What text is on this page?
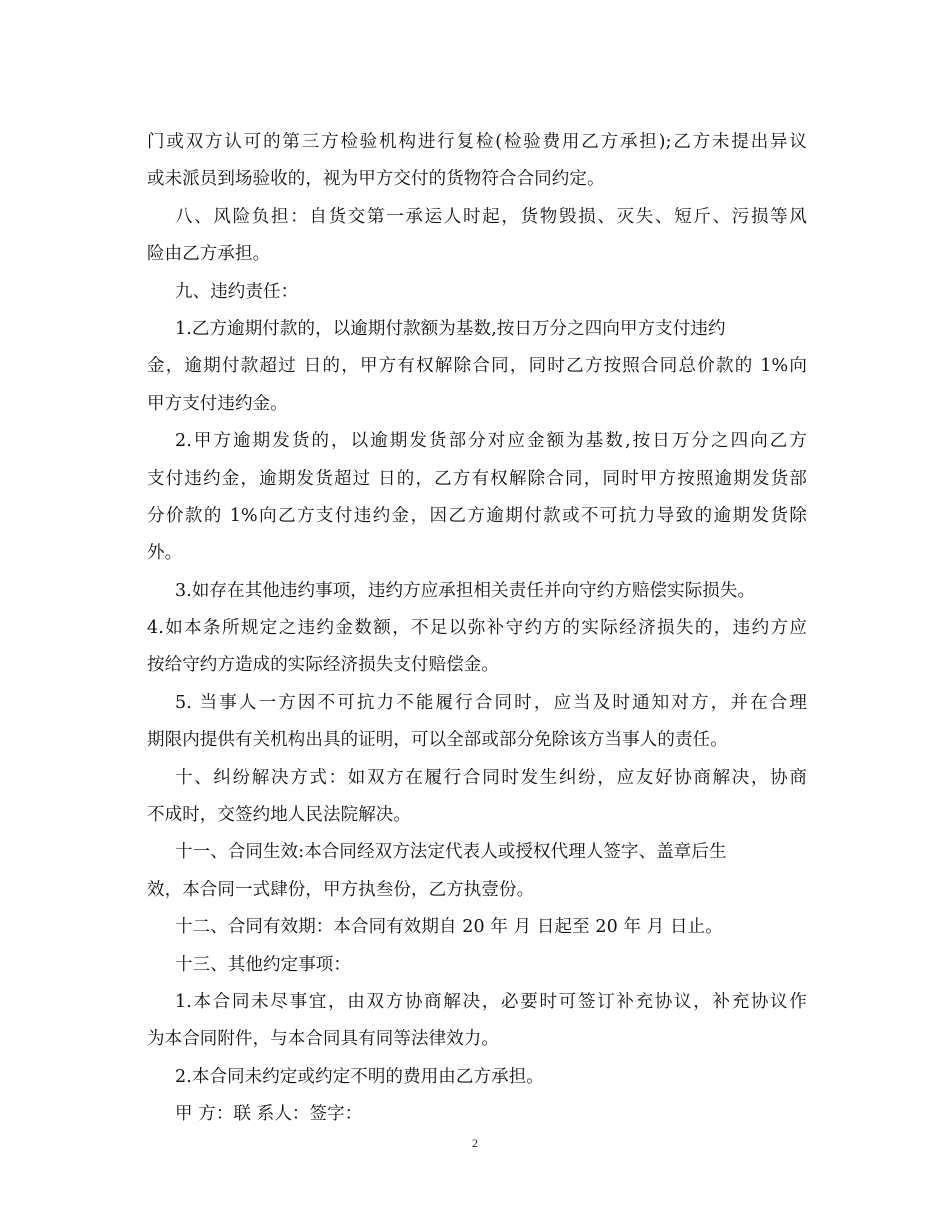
门或双方认可的第三方检验机构进行复检(检验费用乙方承担);乙方未提出异议
或未派员到场验收的，视为甲方交付的货物符合合同约定。
八、风险负担：自货交第一承运人时起，货物毁损、灭失、短斤、污损等风
险由乙方承担。
九、违约责任：
1.乙方逾期付款的，以逾期付款额为基数,按日万分之四向甲方支付违约
金，逾期付款超过 日的，甲方有权解除合同，同时乙方按照合同总价款的 1%向
甲方支付违约金。
2.甲方逾期发货的，以逾期发货部分对应金额为基数,按日万分之四向乙方
支付违约金，逾期发货超过 日的，乙方有权解除合同，同时甲方按照逾期发货部
分价款的 1%向乙方支付违约金，因乙方逾期付款或不可抗力导致的逾期发货除
外。
3.如存在其他违约事项，违约方应承担相关责任并向守约方赔偿实际损失。
4.如本条所规定之违约金数额，不足以弥补守约方的实际经济损失的，违约方应
按给守约方造成的实际经济损失支付赔偿金。
5. 当事人一方因不可抗力不能履行合同时，应当及时通知对方，并在合理
期限内提供有关机构出具的证明，可以全部或部分免除该方当事人的责任。
十、纠纷解决方式：如双方在履行合同时发生纠纷，应友好协商解决，协商
不成时，交签约地人民法院解决。
十一、合同生效:本合同经双方法定代表人或授权代理人签字、盖章后生
效，本合同一式肆份，甲方执叁份，乙方执壹份。
十二、合同有效期：本合同有效期自 20 年 月 日起至 20 年 月 日止。
十三、其他约定事项：
1.本合同未尽事宜，由双方协商解决，必要时可签订补充协议，补充协议作
为本合同附件，与本合同具有同等法律效力。
2.本合同未约定或约定不明的费用由乙方承担。
甲 方：联 系人：签字：
2
